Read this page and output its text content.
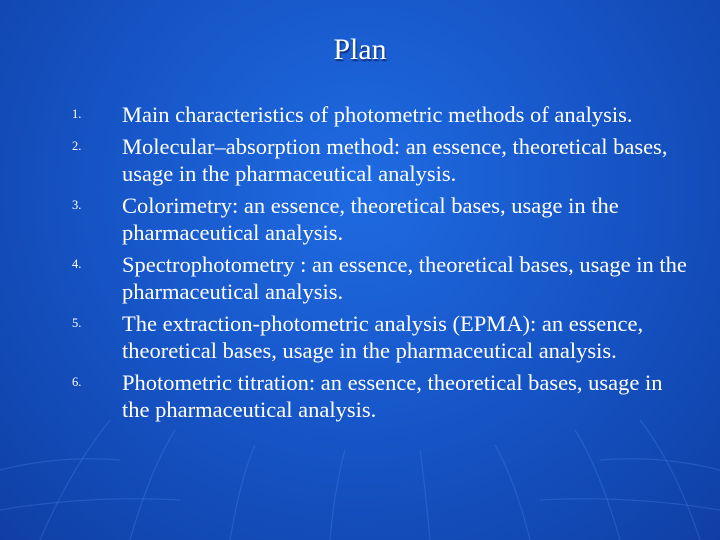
Plan
1. Main characteristics of photometric methods of analysis.
2. Molecular–absorption method: an essence, theoretical bases, usage in the pharmaceutical analysis.
3. Colorimetry: an essence, theoretical bases, usage in the pharmaceutical analysis.
4. Spectrophotometry : an essence, theoretical bases, usage in the pharmaceutical analysis.
5. The extraction-photometric analysis (EPMA): an essence, theoretical bases, usage in the pharmaceutical analysis.
6. Photometric titration: an essence, theoretical bases, usage in the pharmaceutical analysis.
